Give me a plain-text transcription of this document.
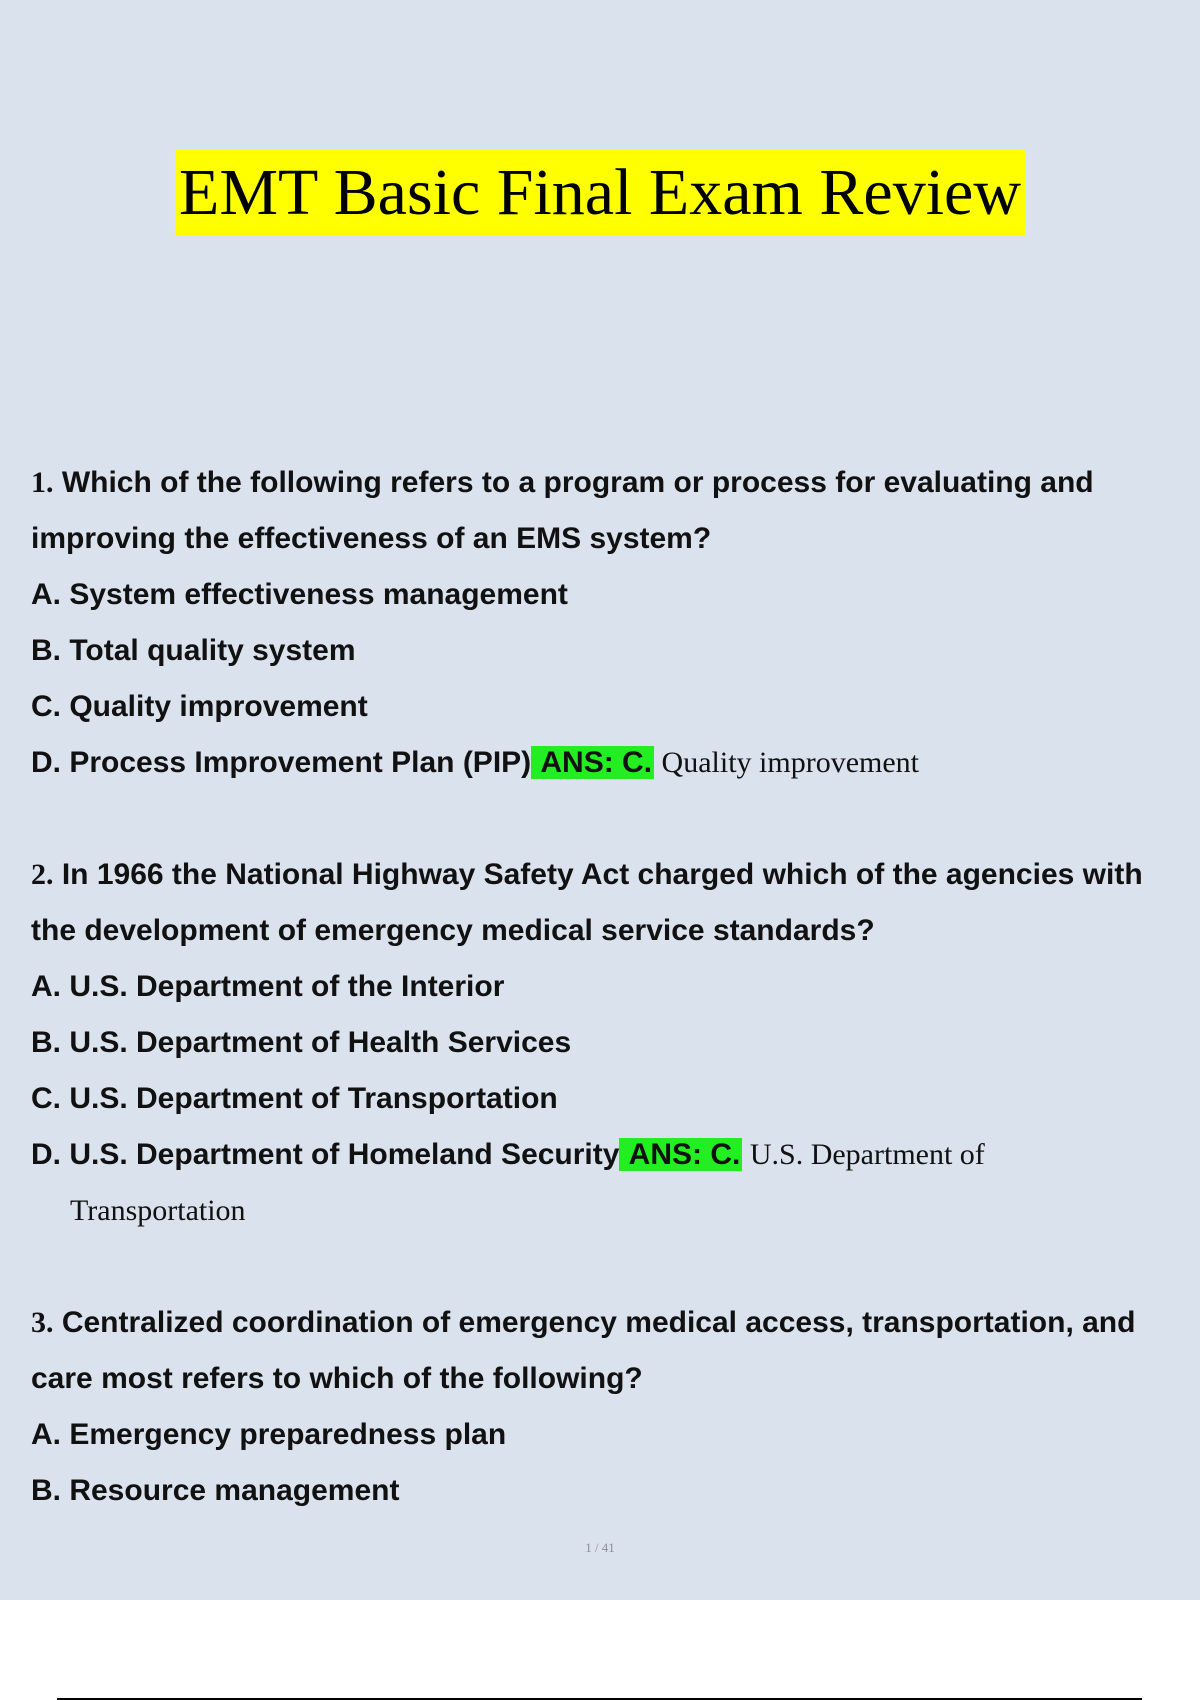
EMT Basic Final Exam Review
1. Which of the following refers to a program or process for evaluating and
improving the effectiveness of an EMS system?
A. System effectiveness management
B. Total quality system
C. Quality improvement
D. Process Improvement Plan (PIP) ANS: C. Quality improvement
2. In 1966 the National Highway Safety Act charged which of the agencies with
the development of emergency medical service standards?
A. U.S. Department of the Interior
B. U.S. Department of Health Services
C. U.S. Department of Transportation
D. U.S. Department of Homeland Security ANS: C. U.S. Department of
Transportation
3. Centralized coordination of emergency medical access, transportation, and
care most refers to which of the following?
A. Emergency preparedness plan
B. Resource management
1 / 41
